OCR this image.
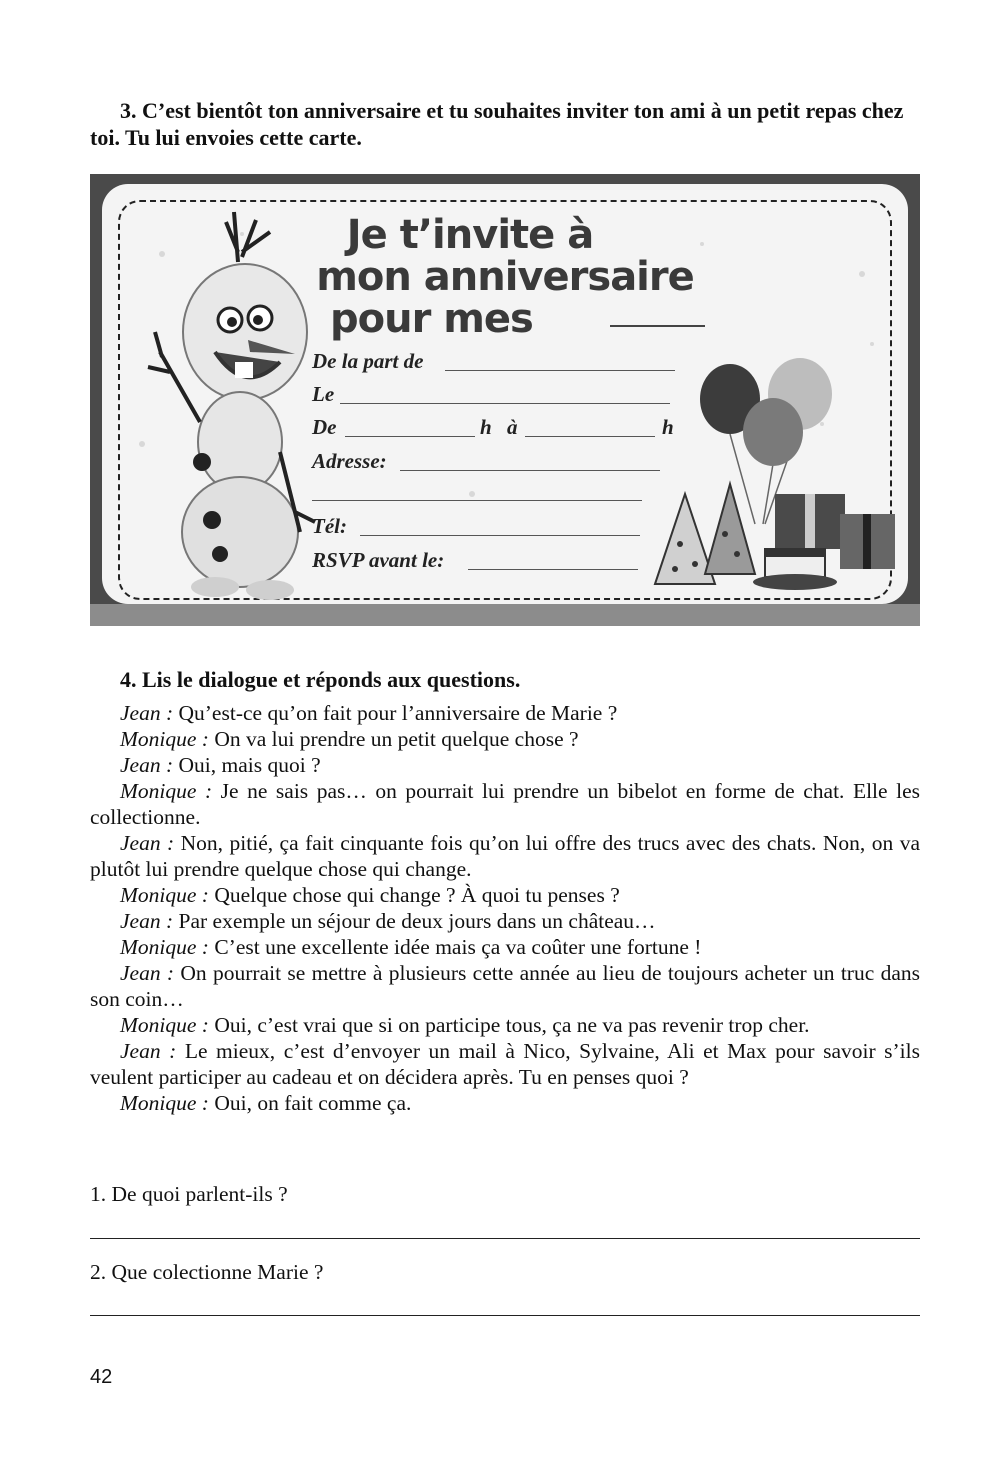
3. C’est bientôt ton anniversaire et tu souhaites inviter ton ami à un petit repas chez toi. Tu lui envoies cette carte.
Je t’invite à
mon anniversaire
pour mes
De la part de
Le
De	h à	h
Adresse:
Tél:
RSVP avant le:
4. Lis le dialogue et réponds aux questions.

Jean : Qu’est-ce qu’on fait pour l’anniversaire de Marie ?

Monique : On va lui prendre un petit quelque chose ?

Jean : Oui, mais quoi ?

Monique : Je ne sais pas… on pourrait lui prendre un bibelot en forme de chat. Elle les collectionne.

Jean : Non, pitié, ça fait cinquante fois qu’on lui offre des trucs avec des chats. Non, on va plutôt lui prendre quelque chose qui change.

Monique : Quelque chose qui change ? À quoi tu penses ?

Jean : Par exemple un séjour de deux jours dans un château…

Monique : C’est une excellente idée mais ça va coûter une fortune !

Jean : On pourrait se mettre à plusieurs cette année au lieu de toujours acheter un truc dans son coin…

Monique : Oui, c’est vrai que si on participe tous, ça ne va pas revenir trop cher.

Jean : Le mieux, c’est d’envoyer un mail à Nico, Sylvaine, Ali et Max pour savoir s’ils veulent participer au cadeau et on décidera après. Tu en penses quoi ?

Monique : Oui, on fait comme ça.

1. De quoi parlent-ils ?
2. Que colectionne Marie ?
42
